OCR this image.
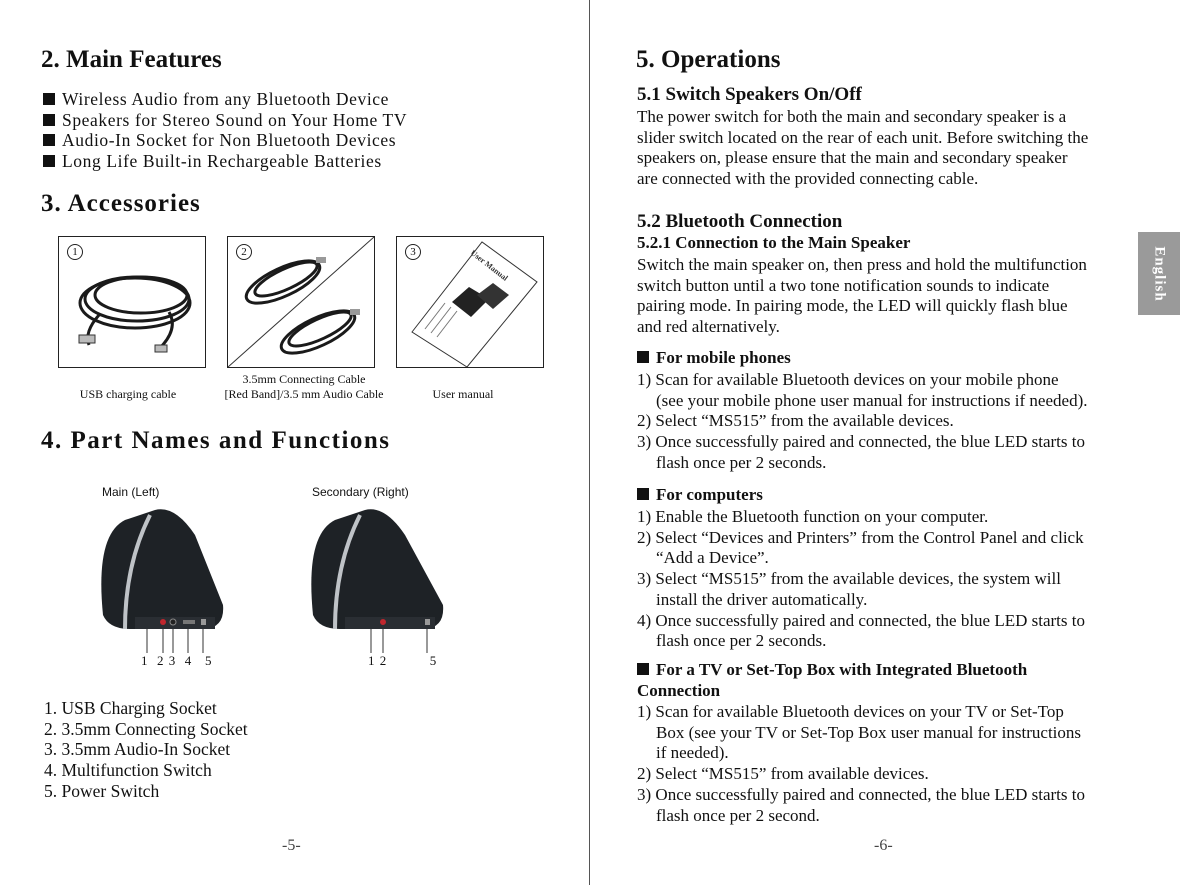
2. Main Features
Wireless Audio from any Bluetooth Device
Speakers for Stereo Sound on Your Home TV
Audio-In Socket for Non Bluetooth Devices
Long Life Built-in Rechargeable Batteries
3. Accessories
1	2	3	User Manual
USB charging cable
3.5mm Connecting Cable
[Red Band]/3.5 mm Audio Cable	User manual
4. Part Names and Functions
Main (Left)	Secondary (Right)
1  2 3  4   5	1 2          5
1. USB Charging Socket
2. 3.5mm Connecting Socket
3. 3.5mm Audio-In Socket
4. Multifunction Switch
5. Power Switch
-5-
5. Operations
5.1 Switch Speakers On/Off
The power switch for both the main and secondary speaker is a
slider switch located on the rear of each unit. Before switching the
speakers on, please ensure that the main and secondary speaker
are connected with the provided connecting cable.
5.2 Bluetooth Connection
5.2.1 Connection to the Main Speaker
Switch the main speaker on, then press and hold the multifunction
switch button until a two tone notification sounds to indicate
pairing mode. In pairing mode, the LED will quickly flash blue
and red alternatively.
For mobile phones
1) Scan for available Bluetooth devices on your mobile phone
(see your mobile phone user manual for instructions if needed).
2) Select “MS515” from the available devices.
3) Once successfully paired and connected, the blue LED starts to
flash once per 2 seconds.
For computers
1) Enable the Bluetooth function on your computer.
2) Select “Devices and Printers” from the Control Panel and click
“Add a Device”.
3) Select “MS515” from the available devices, the system will
install the driver automatically.
4) Once successfully paired and connected, the blue LED starts to
flash once per 2 seconds.
For a TV or Set-Top Box with Integrated Bluetooth
Connection
1) Scan for available Bluetooth devices on your TV or Set-Top
Box (see your TV or Set-Top Box user manual for instructions
if needed).
2) Select “MS515” from available devices.
3) Once successfully paired and connected, the blue LED starts to
flash once per 2 second.
-6-
English
